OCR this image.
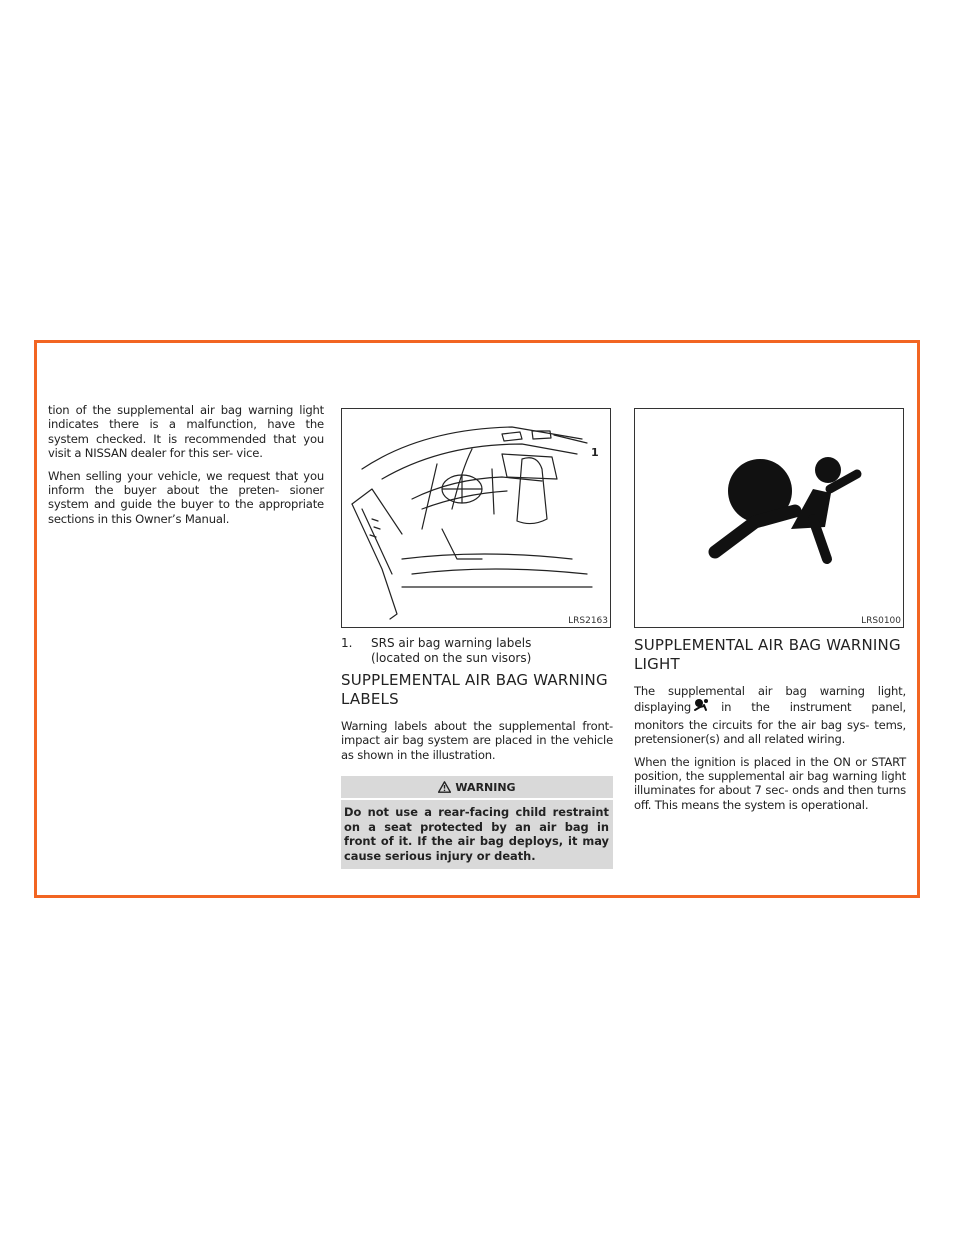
tion of the supplemental air bag warning light indicates there is a malfunction, have the system checked. It is recommended that you visit a NISSAN dealer for this ser- vice.

When selling your vehicle, we request that you inform the buyer about the preten- sioner system and guide the buyer to the appropriate sections in this Owner’s Manual.

1
LRS2163
1. SRS air bag warning labels
(located on the sun visors)
SUPPLEMENTAL AIR BAG WARNING LABELS

Warning labels about the supplemental front-impact air bag system are placed in the vehicle as shown in the illustration.

WARNING
Do not use a rear-facing child restraint on a seat protected by an air bag in front of it. If the air bag deploys, it may cause serious injury or death.
LRS0100
SUPPLEMENTAL AIR BAG WARNING LIGHT

The supplemental air bag warning light, displaying	in the instrument panel, monitors the circuits for the air bag sys- tems, pretensioner(s) and all related wiring.

When the ignition is placed in the ON or START position, the supplemental air bag warning light illuminates for about 7 sec- onds and then turns off. This means the system is operational.
